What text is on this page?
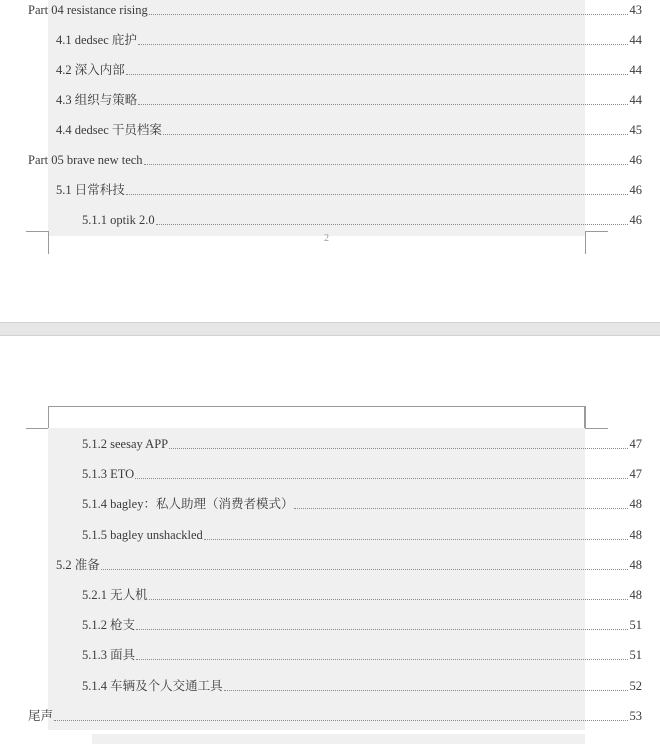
2
Part 04 resistance rising	43
4.1 dedsec 庇护	44
4.2 深入内部	44
4.3 组织与策略	44
4.4 dedsec 干员档案	45
Part 05 brave new tech	46
5.1 日常科技	46
5.1.1 optik 2.0	46
5.1.2 seesay APP	47
5.1.3 ETO	47
5.1.4 bagley：私人助理（消费者模式）	48
5.1.5 bagley unshackled	48
5.2 准备	48
5.2.1 无人机	48
5.1.2 枪支	51
5.1.3 面具	51
5.1.4 车辆及个人交通工具	52
尾声	53
